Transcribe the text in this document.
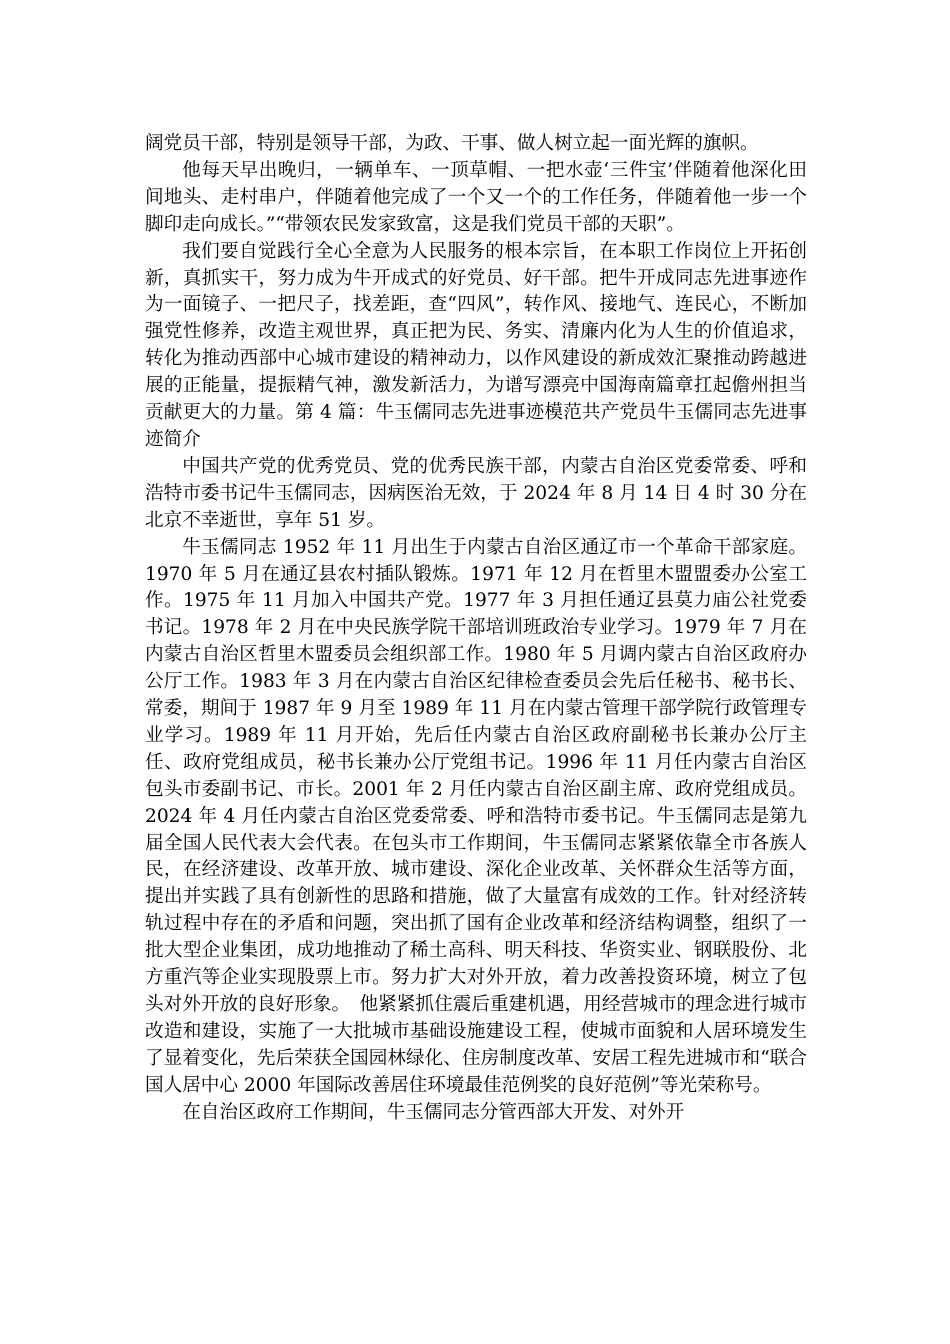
阔党员干部，特别是领导干部，为政、干事、做人树立起一面光辉的旗帜。

他每天早出晚归，一辆单车、一顶草帽、一把水壶‘三件宝’伴随着他深化田间地头、走村串户，伴随着他完成了一个又一个的工作任务，伴随着他一步一个脚印走向成长。”“带领农民发家致富，这是我们党员干部的天职”。

我们要自觉践行全心全意为人民服务的根本宗旨，在本职工作岗位上开拓创新，真抓实干，努力成为牛开成式的好党员、好干部。把牛开成同志先进事迹作为一面镜子、一把尺子，找差距，查“四风”，转作风、接地气、连民心，不断加强党性修养，改造主观世界，真正把为民、务实、清廉内化为人生的价值追求，转化为推动西部中心城市建设的精神动力，以作风建设的新成效汇聚推动跨越进展的正能量，提振精气神，激发新活力，为谱写漂亮中国海南篇章扛起儋州担当贡献更大的力量。第 4 篇：牛玉儒同志先进事迹模范共产党员牛玉儒同志先进事迹简介

中国共产党的优秀党员、党的优秀民族干部，内蒙古自治区党委常委、呼和浩特市委书记牛玉儒同志，因病医治无效，于 2024 年 8 月 14 日 4 时 30 分在北京不幸逝世，享年 51 岁。

牛玉儒同志 1952 年 11 月出生于内蒙古自治区通辽市一个革命干部家庭。1970 年 5 月在通辽县农村插队锻炼。1971 年 12 月在哲里木盟盟委办公室工作。1975 年 11 月加入中国共产党。1977 年 3 月担任通辽县莫力庙公社党委书记。1978 年 2 月在中央民族学院干部培训班政治专业学习。1979 年 7 月在内蒙古自治区哲里木盟委员会组织部工作。1980 年 5 月调内蒙古自治区政府办公厅工作。1983 年 3 月在内蒙古自治区纪律检查委员会先后任秘书、秘书长、常委，期间于 1987 年 9 月至 1989 年 11 月在内蒙古管理干部学院行政管理专业学习。1989 年 11 月开始，先后任内蒙古自治区政府副秘书长兼办公厅主任、政府党组成员，秘书长兼办公厅党组书记。1996 年 11 月任内蒙古自治区包头市委副书记、市长。2001 年 2 月任内蒙古自治区副主席、政府党组成员。2024 年 4 月任内蒙古自治区党委常委、呼和浩特市委书记。牛玉儒同志是第九届全国人民代表大会代表。在包头市工作期间，牛玉儒同志紧紧依靠全市各族人民，在经济建设、改革开放、城市建设、深化企业改革、关怀群众生活等方面，提出并实践了具有创新性的思路和措施，做了大量富有成效的工作。针对经济转轨过程中存在的矛盾和问题，突出抓了国有企业改革和经济结构调整，组织了一批大型企业集团，成功地推动了稀土高科、明天科技、华资实业、钢联股份、北方重汽等企业实现股票上市。努力扩大对外开放，着力改善投资环境，树立了包头对外开放的良好形象。　他紧紧抓住震后重建机遇，用经营城市的理念进行城市改造和建设，实施了一大批城市基础设施建设工程，使城市面貌和人居环境发生了显着变化，先后荣获全国园林绿化、住房制度改革、安居工程先进城市和“联合国人居中心 2000 年国际改善居住环境最佳范例奖的良好范例”等光荣称号。

在自治区政府工作期间，牛玉儒同志分管西部大开发、对外开
